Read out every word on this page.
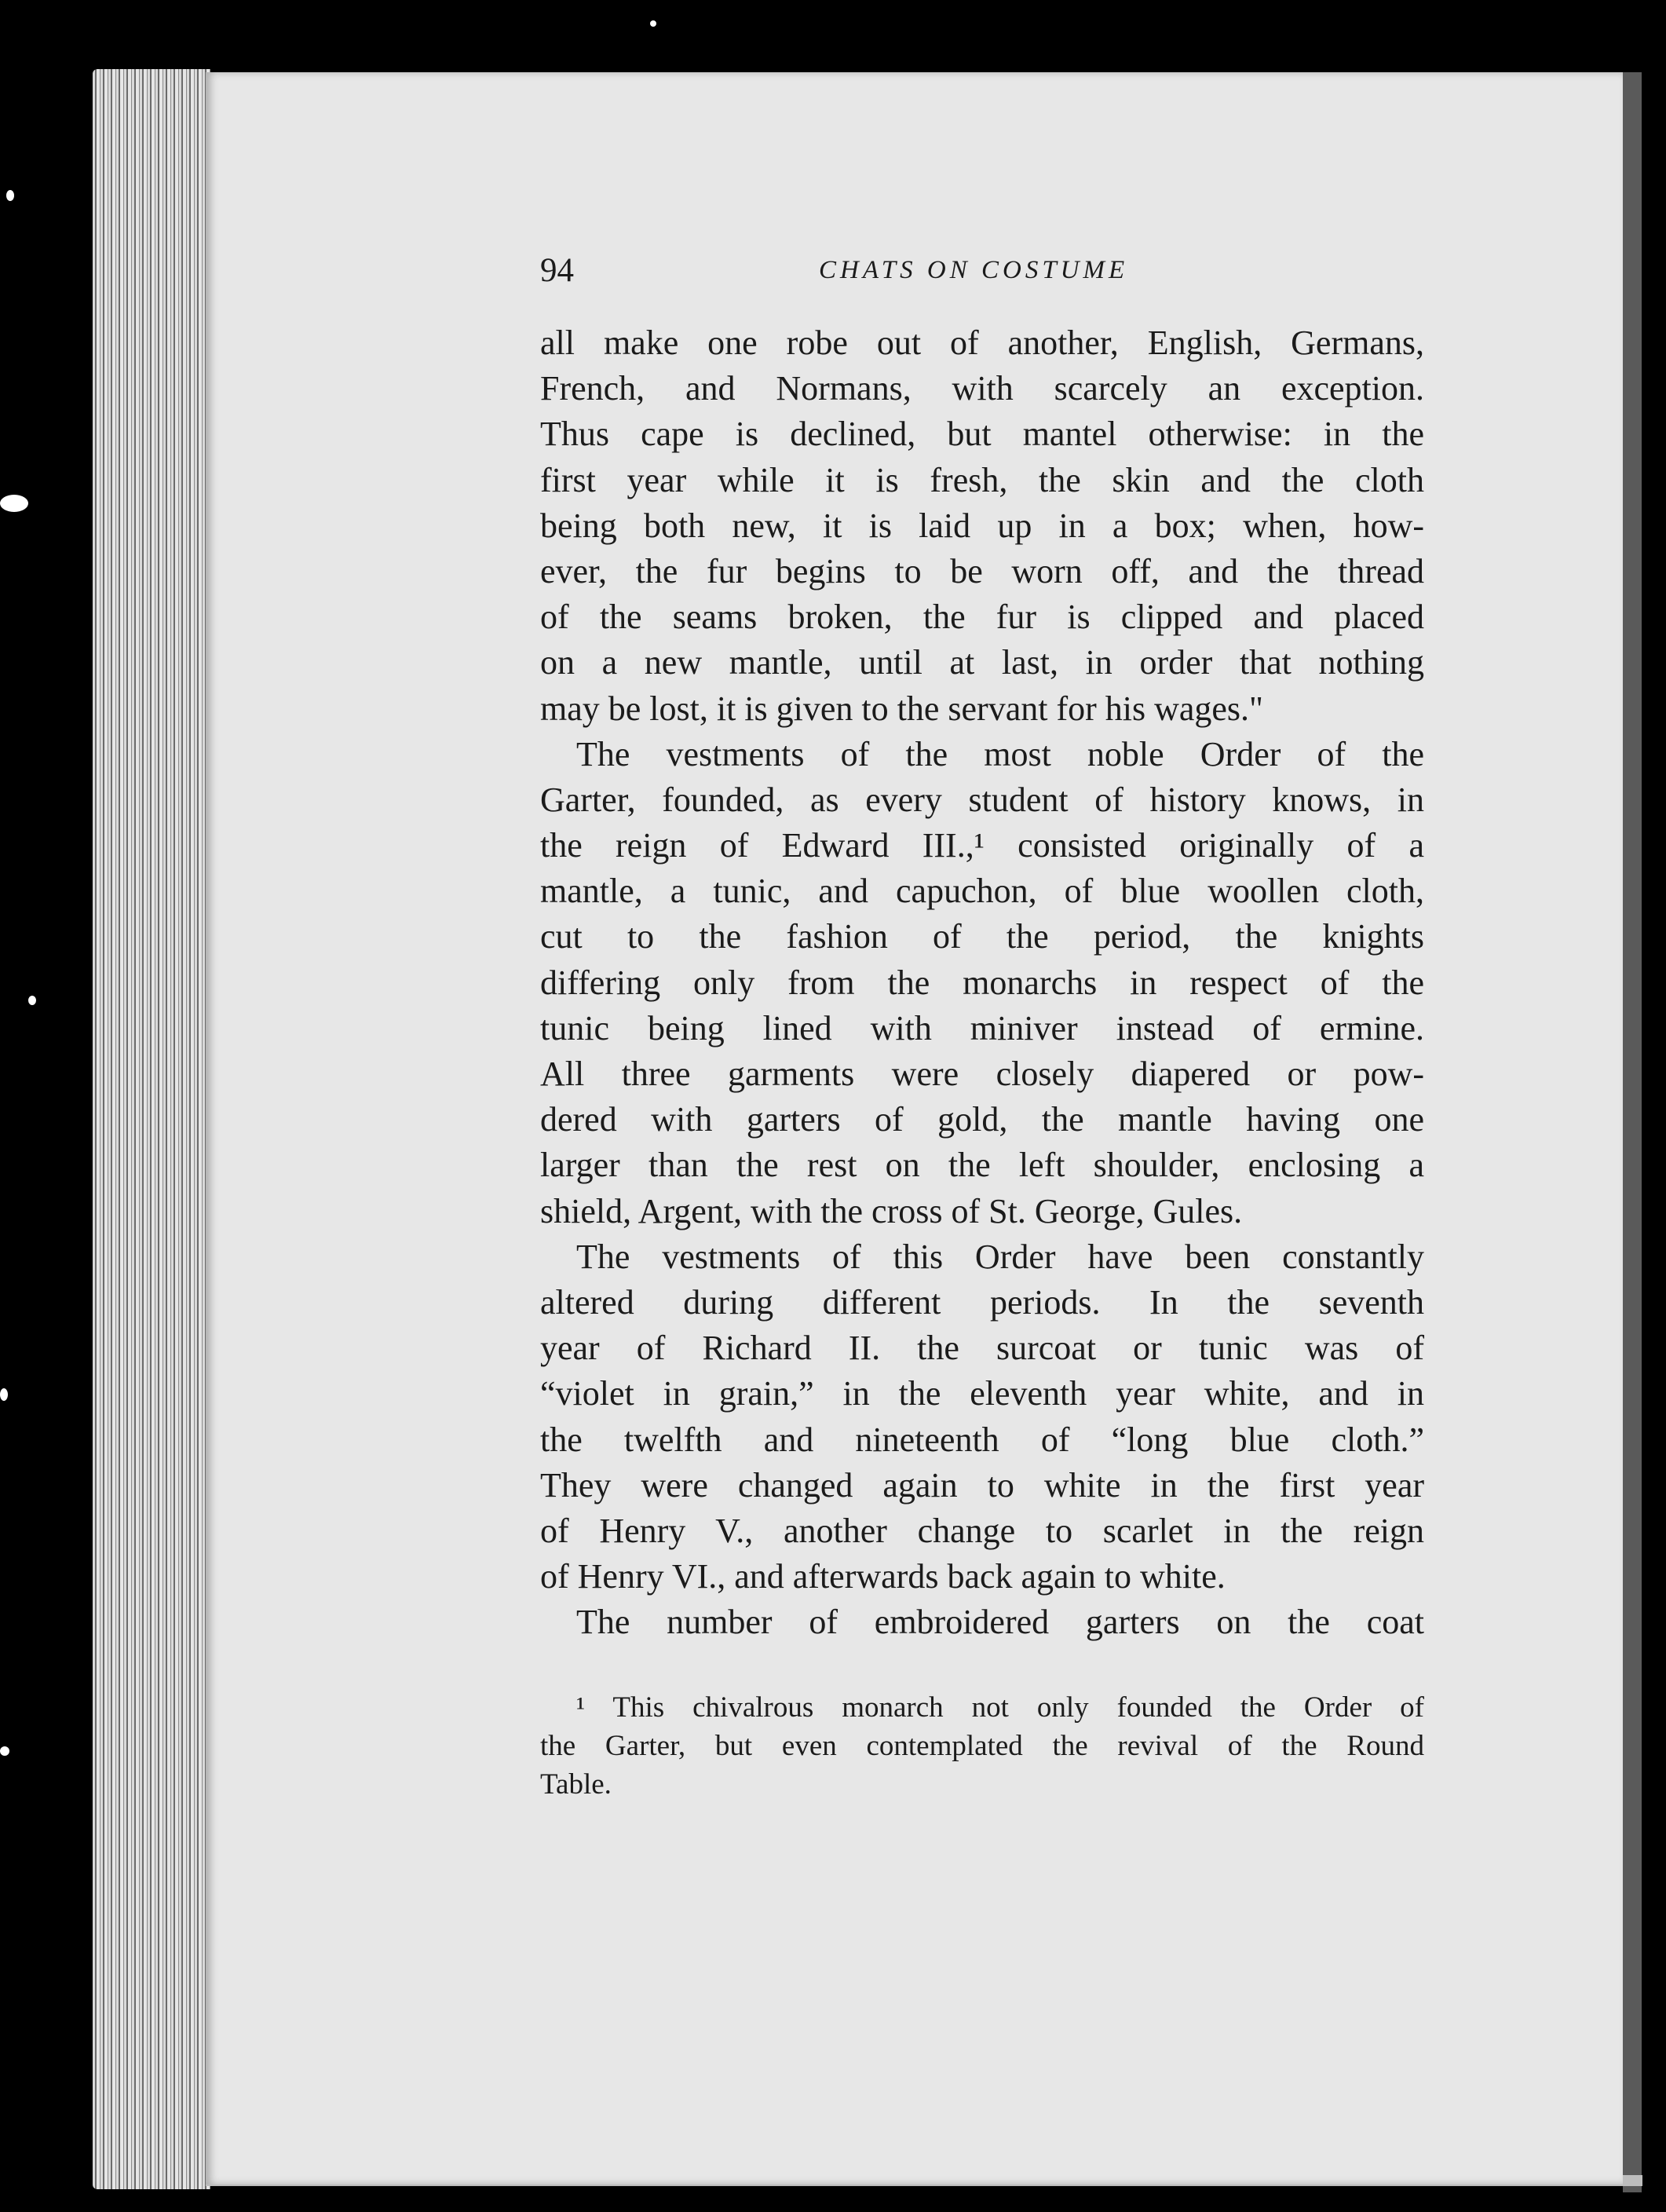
94	CHATS ON COSTUME
all make one robe out of another, English, Germans,
French, and Normans, with scarcely an exception.
Thus cape is declined, but mantel otherwise: in the
first year while it is fresh, the skin and the cloth
being both new, it is laid up in a box; when, how-
ever, the fur begins to be worn off, and the thread
of the seams broken, the fur is clipped and placed
on a new mantle, until at last, in order that nothing
may be lost, it is given to the servant for his wages."
The vestments of the most noble Order of the
Garter, founded, as every student of history knows, in
the reign of Edward III.,¹ consisted originally of a
mantle, a tunic, and capuchon, of blue woollen cloth,
cut to the fashion of the period, the knights
differing only from the monarchs in respect of the
tunic being lined with miniver instead of ermine.
All three garments were closely diapered or pow-
dered with garters of gold, the mantle having one
larger than the rest on the left shoulder, enclosing a
shield, Argent, with the cross of St. George, Gules.
The vestments of this Order have been constantly
altered during different periods. In the seventh
year of Richard II. the surcoat or tunic was of
“violet in grain,” in the eleventh year white, and in
the twelfth and nineteenth of “long blue cloth.”
They were changed again to white in the first year
of Henry V., another change to scarlet in the reign
of Henry VI., and afterwards back again to white.
The number of embroidered garters on the coat
¹ This chivalrous monarch not only founded the Order of
the Garter, but even contemplated the revival of the Round
Table.
